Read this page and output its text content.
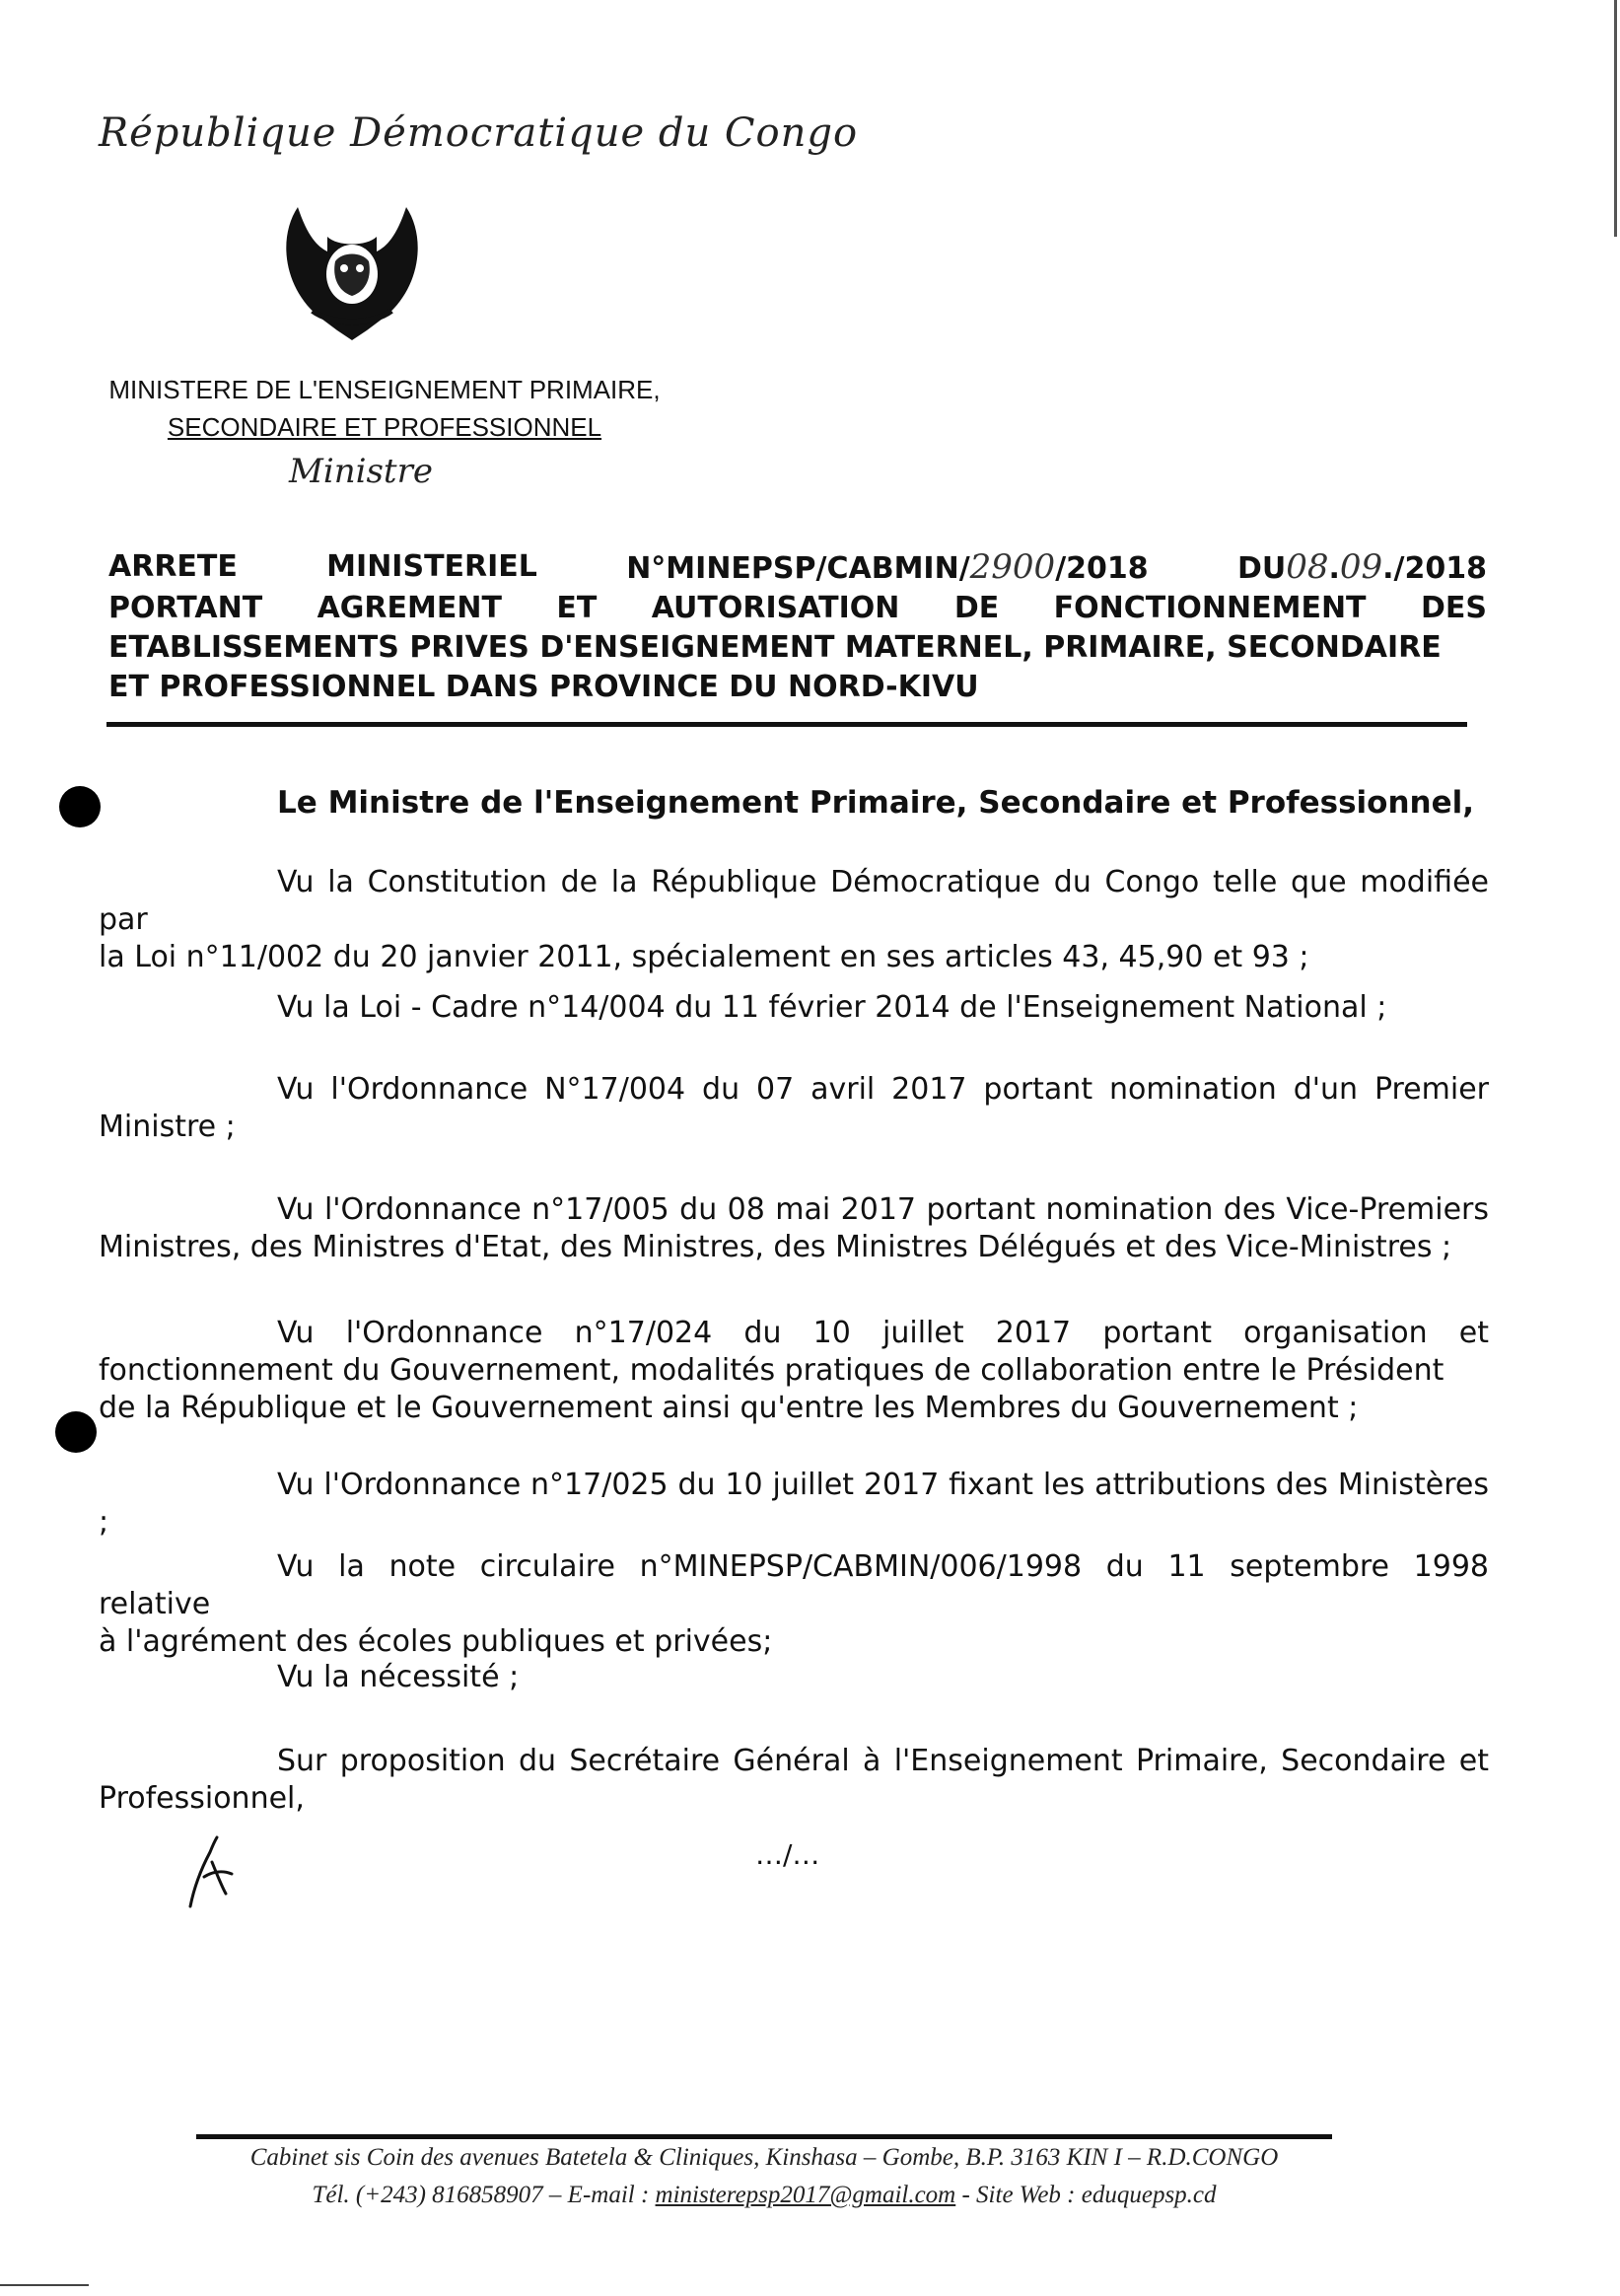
République Démocratique du Congo
MINISTERE DE L'ENSEIGNEMENT PRIMAIRE,
SECONDAIRE ET PROFESSIONNEL
Ministre
ARRETE	MINISTERIEL	N°MINEPSP/CABMIN/2900/2018	DU08.09./2018
PORTANT AGREMENT ET AUTORISATION DE FONCTIONNEMENT DES
ETABLISSEMENTS PRIVES D'ENSEIGNEMENT MATERNEL, PRIMAIRE, SECONDAIRE
ET PROFESSIONNEL DANS PROVINCE DU NORD-KIVU
Le Ministre de l'Enseignement Primaire, Secondaire et Professionnel,
Vu la Constitution de la République Démocratique du Congo telle que modifiée par
la Loi n°11/002 du 20 janvier 2011, spécialement en ses articles 43, 45,90 et 93 ;
Vu la Loi - Cadre n°14/004 du 11 février 2014 de l'Enseignement National ;
Vu l'Ordonnance N°17/004 du 07 avril 2017 portant nomination d'un Premier
Ministre ;
Vu l'Ordonnance n°17/005 du 08 mai 2017 portant nomination des Vice-Premiers
Ministres, des Ministres d'Etat, des Ministres, des Ministres Délégués et des Vice-Ministres ;
Vu l'Ordonnance n°17/024 du 10 juillet 2017 portant organisation et
fonctionnement du Gouvernement, modalités pratiques de collaboration entre le Président de la République et le Gouvernement ainsi qu'entre les Membres du Gouvernement ;
Vu l'Ordonnance n°17/025 du 10 juillet 2017 fixant les attributions des Ministères ;
Vu la note circulaire n°MINEPSP/CABMIN/006/1998 du 11 septembre 1998 relative
à l'agrément des écoles publiques et privées;
Vu la nécessité ;
Sur proposition du Secrétaire Général à l'Enseignement Primaire, Secondaire et
Professionnel,
…/…
Cabinet sis Coin des avenues Batetela & Cliniques, Kinshasa – Gombe, B.P. 3163 KIN I – R.D.CONGO
Tél. (+243) 816858907 – E-mail : ministerepsp2017@gmail.com - Site Web : eduquepsp.cd
